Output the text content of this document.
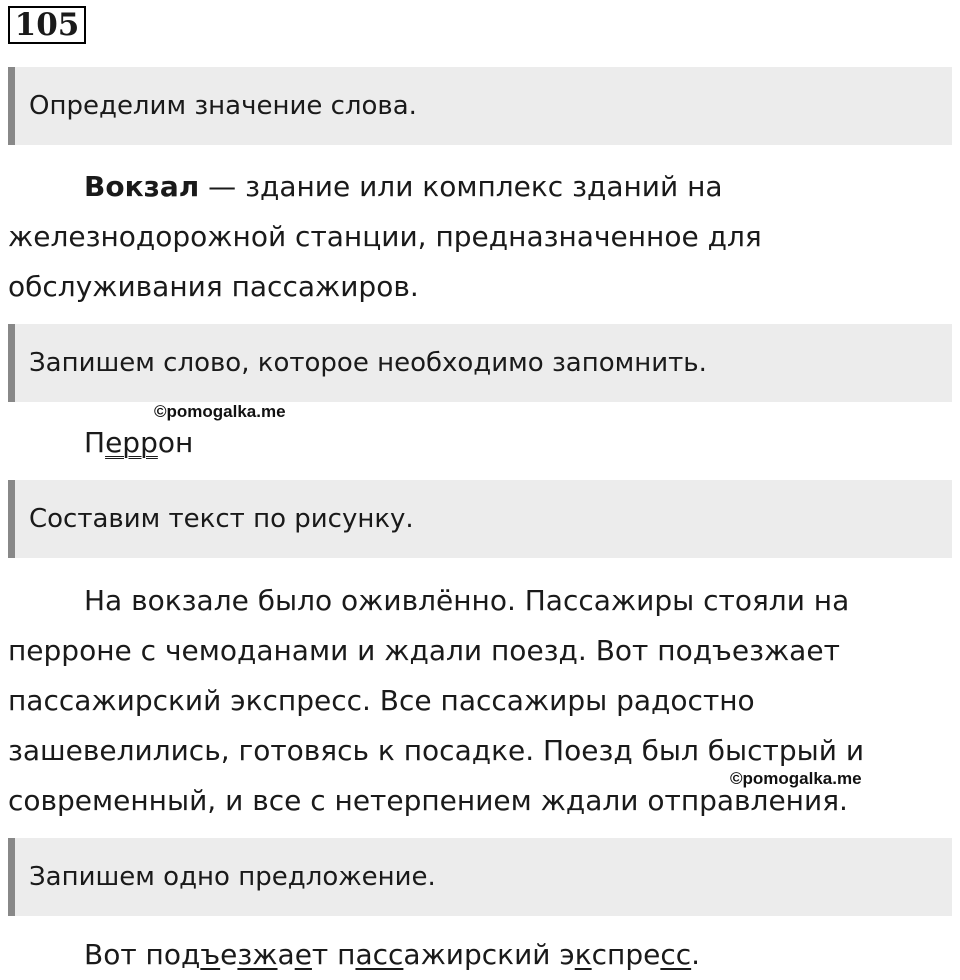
105
Определим значение слова.
Вокзал — здание или комплекс зданий на
железнодорожной станции, предназначенное для
обслуживания пассажиров.
Запишем слово, которое необходимо запомнить.
©pomogalka.me
Перрон
Составим текст по рисунку.
На вокзале было оживлённо. Пассажиры стояли на
перроне с чемоданами и ждали поезд. Вот подъезжает
пассажирский экспресс. Все пассажиры радостно
зашевелились, готовясь к посадке. Поезд был быстрый и
современный, и все с нетерпением ждали отправления.
©pomogalka.me
Запишем одно предложение.
Вот подъезжает пассажирский экспресс.
